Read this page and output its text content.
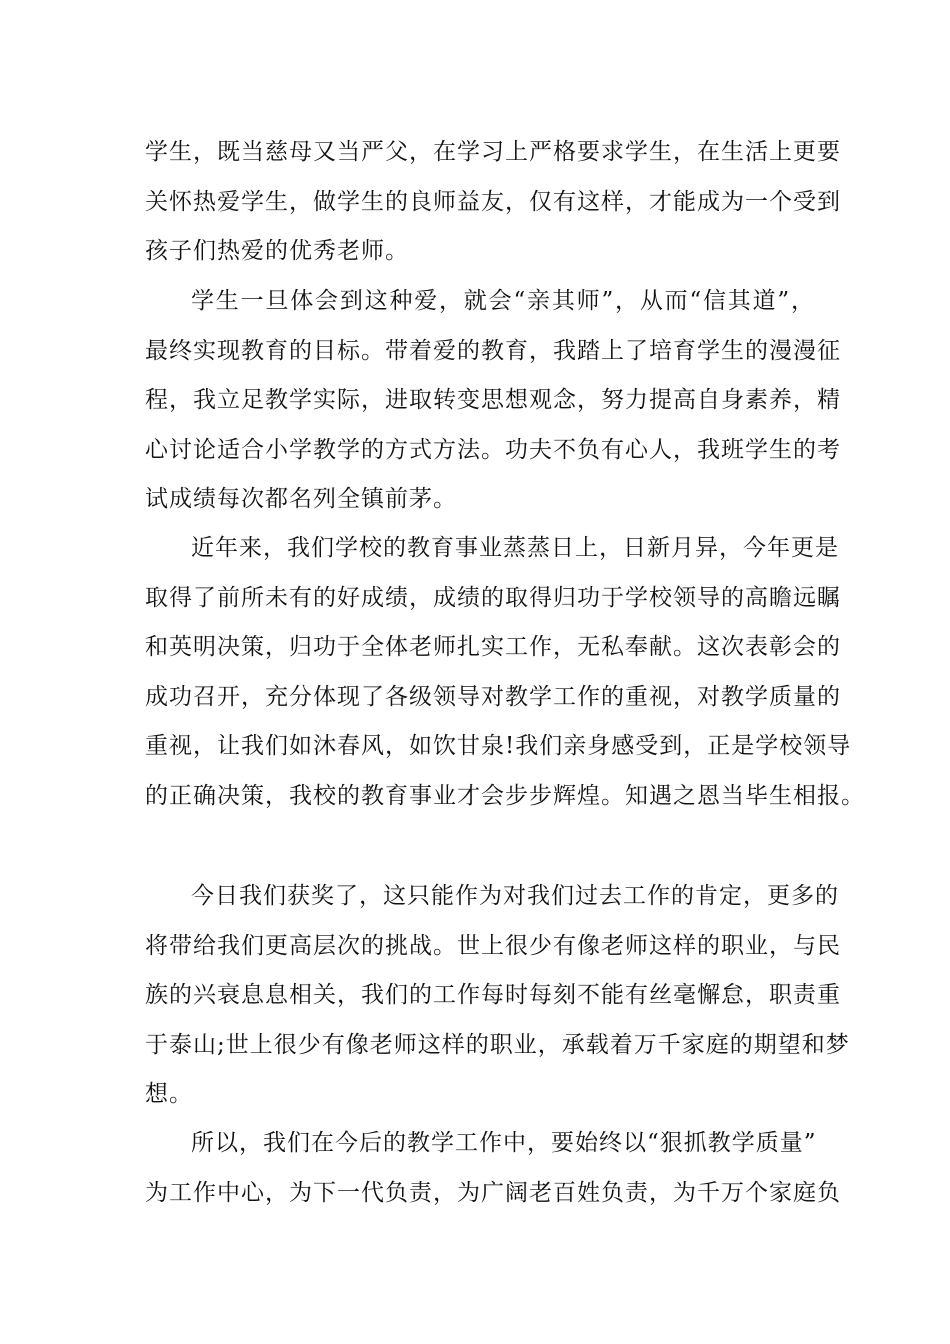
学生，既当慈母又当严父，在学习上严格要求学生，在生活上更要
关怀热爱学生，做学生的良师益友，仅有这样，才能成为一个受到
孩子们热爱的优秀老师。
学生一旦体会到这种爱，就会“亲其师”，从而“信其道”，
最终实现教育的目标。带着爱的教育，我踏上了培育学生的漫漫征
程，我立足教学实际，进取转变思想观念，努力提高自身素养，精
心讨论适合小学教学的方式方法。功夫不负有心人，我班学生的考
试成绩每次都名列全镇前茅。
近年来，我们学校的教育事业蒸蒸日上，日新月异，今年更是
取得了前所未有的好成绩，成绩的取得归功于学校领导的高瞻远瞩
和英明决策，归功于全体老师扎实工作，无私奉献。这次表彰会的
成功召开，充分体现了各级领导对教学工作的重视，对教学质量的
重视，让我们如沐春风，如饮甘泉!我们亲身感受到，正是学校领导
的正确决策，我校的教育事业才会步步辉煌。知遇之恩当毕生相报。
今日我们获奖了，这只能作为对我们过去工作的肯定，更多的
将带给我们更高层次的挑战。世上很少有像老师这样的职业，与民
族的兴衰息息相关，我们的工作每时每刻不能有丝毫懈怠，职责重
于泰山;世上很少有像老师这样的职业，承载着万千家庭的期望和梦
想。
所以，我们在今后的教学工作中，要始终以“狠抓教学质量”
为工作中心，为下一代负责，为广阔老百姓负责，为千万个家庭负
